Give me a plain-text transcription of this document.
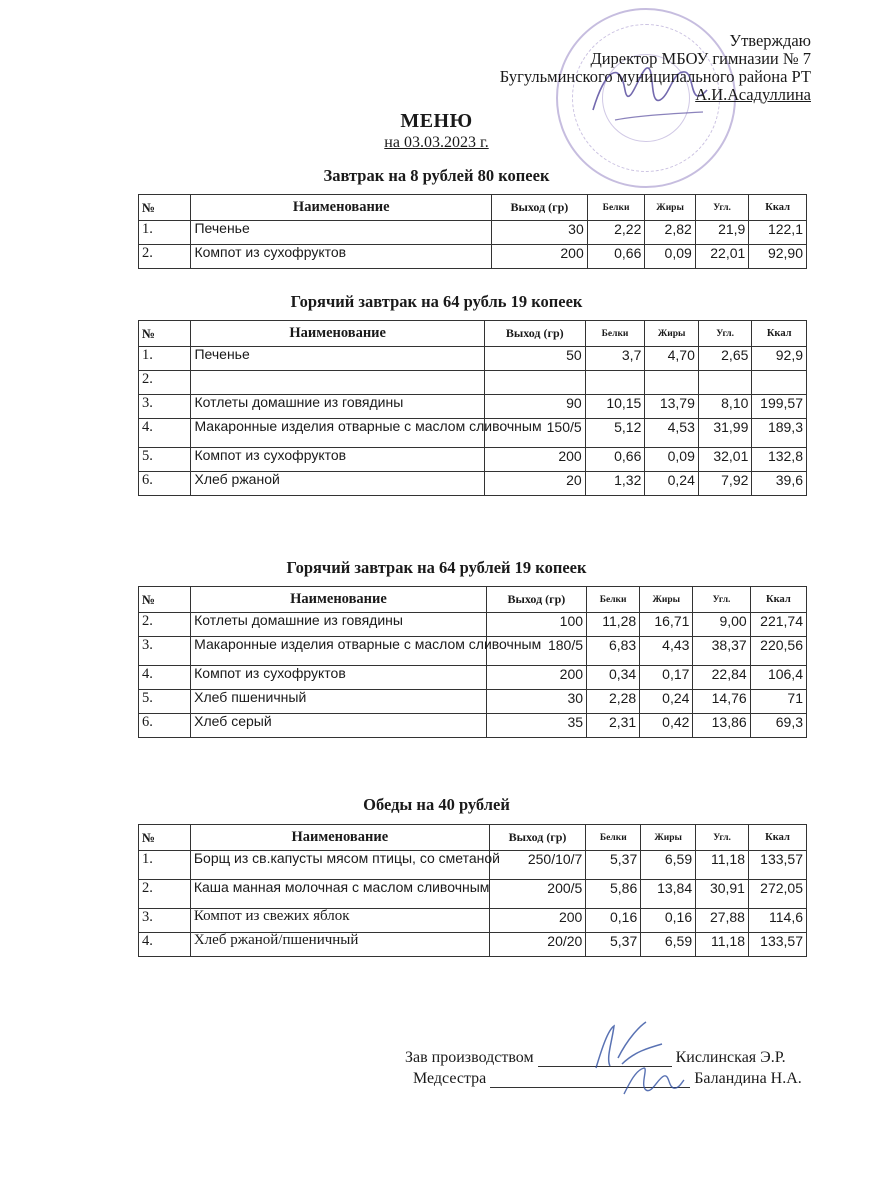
Утверждаю
Директор МБОУ гимназии № 7
Бугульминского муниципального района РТ
А.И.Асадуллина
МЕНЮ
на 03.03.2023 г.
Завтрак на 8 рублей 80 копеек
№	Наименование	Выход (гр)	Белки	Жиры	Угл.	Ккал
1.	Печенье	30	2,22	2,82	21,9	122,1
2.	Компот из сухофруктов	200	0,66	0,09	22,01	92,90
Горячий завтрак на 64 рубль 19 копеек
№	Наименование	Выход (гр)	Белки	Жиры	Угл.	Ккал
1.	Печенье	50	3,7	4,70	2,65	92,9
2.						
3.	Котлеты домашние из говядины	90	10,15	13,79	8,10	199,57
4.	Макаронные изделия отварные с маслом сливочным	150/5	5,12	4,53	31,99	189,3
5.	Компот из сухофруктов	200	0,66	0,09	32,01	132,8
6.	Хлеб ржаной	20	1,32	0,24	7,92	39,6
Горячий завтрак на 64 рублей 19 копеек
№	Наименование	Выход (гр)	Белки	Жиры	Угл.	Ккал
2.	Котлеты домашние из говядины	100	11,28	16,71	9,00	221,74
3.	Макаронные изделия отварные с маслом сливочным	180/5	6,83	4,43	38,37	220,56
4.	Компот из сухофруктов	200	0,34	0,17	22,84	106,4
5.	Хлеб пшеничный	30	2,28	0,24	14,76	71
6.	Хлеб серый	35	2,31	0,42	13,86	69,3
Обеды на 40 рублей
№	Наименование	Выход (гр)	Белки	Жиры	Угл.	Ккал
1.	Борщ из св.капусты мясом птицы, со сметаной	250/10/7	5,37	6,59	11,18	133,57
2.	Каша манная молочная с маслом сливочным	200/5	5,86	13,84	30,91	272,05
3.	Компот из свежих яблок	200	0,16	0,16	27,88	114,6
4.	Хлеб ржаной/пшеничный	20/20	5,37	6,59	11,18	133,57
Зав производством	Кислинская Э.Р.
Медсестра	Баландина Н.А.
